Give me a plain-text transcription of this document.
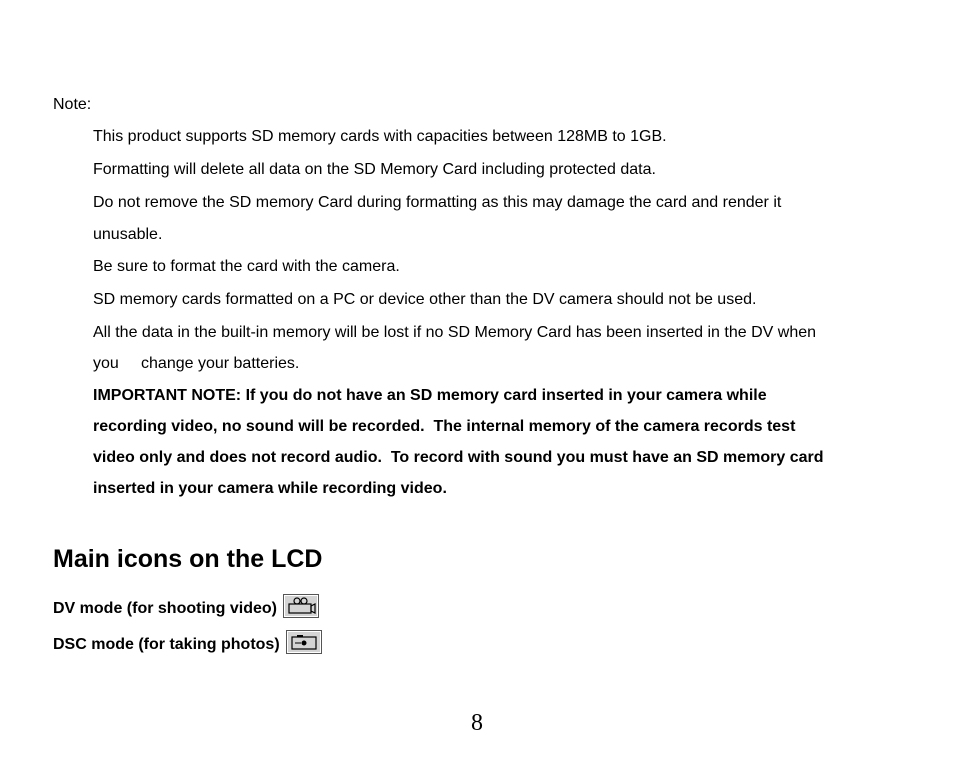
Note:
This product supports SD memory cards with capacities between 128MB to 1GB.
Formatting will delete all data on the SD Memory Card including protected data.
Do not remove the SD memory Card during formatting as this may damage the card and render it
unusable.
Be sure to format the card with the camera.
SD memory cards formatted on a PC or device other than the DV camera should not be used.
All the data in the built-in memory will be lost if no SD Memory Card has been inserted in the DV when
you     change your batteries.
IMPORTANT NOTE: If you do not have an SD memory card inserted in your camera while
recording video, no sound will be recorded.  The internal memory of the camera records test
video only and does not record audio.  To record with sound you must have an SD memory card
inserted in your camera while recording video.
Main icons on the LCD
DV mode (for shooting video)
DSC mode (for taking photos)
8
